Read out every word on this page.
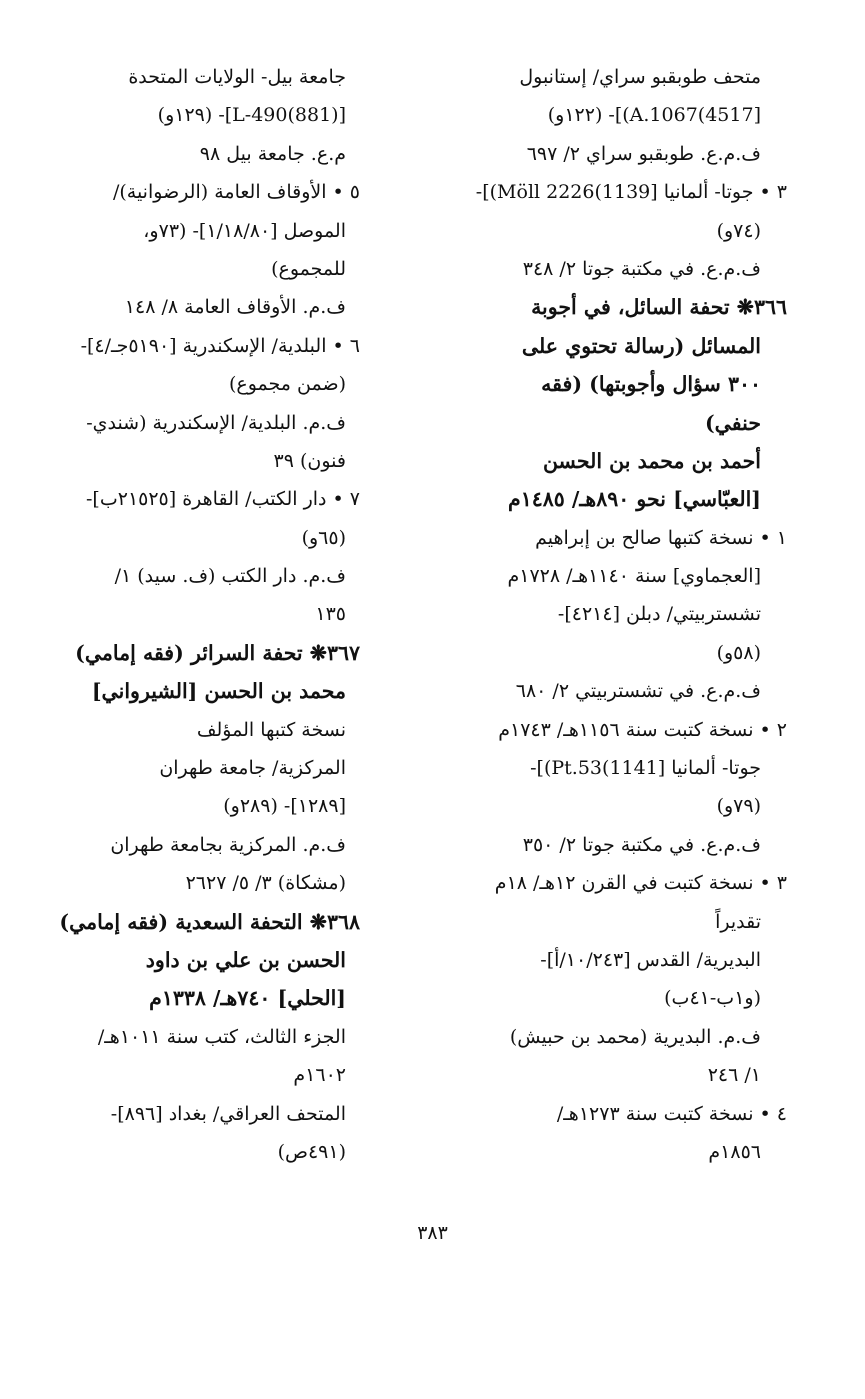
متحف طوبقبو سراي/ إستانبول
[4517)A.1067)]- (١٢٢و)
ف.م.ع. طوبقبو سراي ٢/ ٦٩٧
٣ • جوتا- ألمانيا [1139)Möll 2226)]-
(٧٤و)
ف.م.ع. في مكتبة جوتا ٢/ ٣٤٨
٣٦٦❋ تحفة السائل، في أجوبة
المسائل (رسالة تحتوي على
٣٠٠ سؤال وأجوبتها) (فقه
حنفي)
أحمد بن محمد بن الحسن
[العبّاسي] نحو ٨٩٠هـ/ ١٤٨٥م
١ • نسخة كتبها صالح بن إبراهيم
[العجماوي] سنة ١١٤٠هـ/ ١٧٢٨م
تشستربيتي/ دبلن [٤٢١٤]-
(٥٨و)
ف.م.ع. في تشستربيتي ٢/ ٦٨٠
٢ • نسخة كتبت سنة ١١٥٦هـ/ ١٧٤٣م
جوتا- ألمانيا [1141)Pt.53)]-
(٧٩و)
ف.م.ع. في مكتبة جوتا ٢/ ٣٥٠
٣ • نسخة كتبت في القرن ١٢هـ/ ١٨م
تقديراً
البديرية/ القدس [١٠/٢٤٣/أ]-
(و١ب-٤١ب)
ف.م. البديرية (محمد بن حبيش)
١/ ٢٤٦
٤ • نسخة كتبت سنة ١٢٧٣هـ/
١٨٥٦م
جامعة بيل- الولايات المتحدة
[(881)L-490]- (١٢٩و)
م.ع. جامعة بيل ٩٨
٥ • الأوقاف العامة (الرضوانية)/
الموصل [١/١٨/٨٠]- (٧٣و،
للمجموع)
ف.م. الأوقاف العامة ٨/ ١٤٨
٦ • البلدية/ الإسكندرية [٥١٩٠جـ/٤]-
(ضمن مجموع)
ف.م. البلدية/ الإسكندرية (شندي-
فنون) ٣٩
٧ • دار الكتب/ القاهرة [٢١٥٢٥ب]-
(٦٥و)
ف.م. دار الكتب (ف. سيد) ١/
١٣٥
٣٦٧❋ تحفة السرائر (فقه إمامي)
محمد بن الحسن [الشيرواني]
نسخة كتبها المؤلف
المركزية/ جامعة طهران
[١٢٨٩]- (٢٨٩و)
ف.م. المركزية بجامعة طهران
(مشكاة) ٣/ ٥/ ٢٦٢٧
٣٦٨❋ التحفة السعدية (فقه إمامي)
الحسن بن علي بن داود
[الحلي] ٧٤٠هـ/ ١٣٣٨م
الجزء الثالث، كتب سنة ١٠١١هـ/
١٦٠٢م
المتحف العراقي/ بغداد [٨٩٦]-
(٤٩١ص)
٣٨٣
